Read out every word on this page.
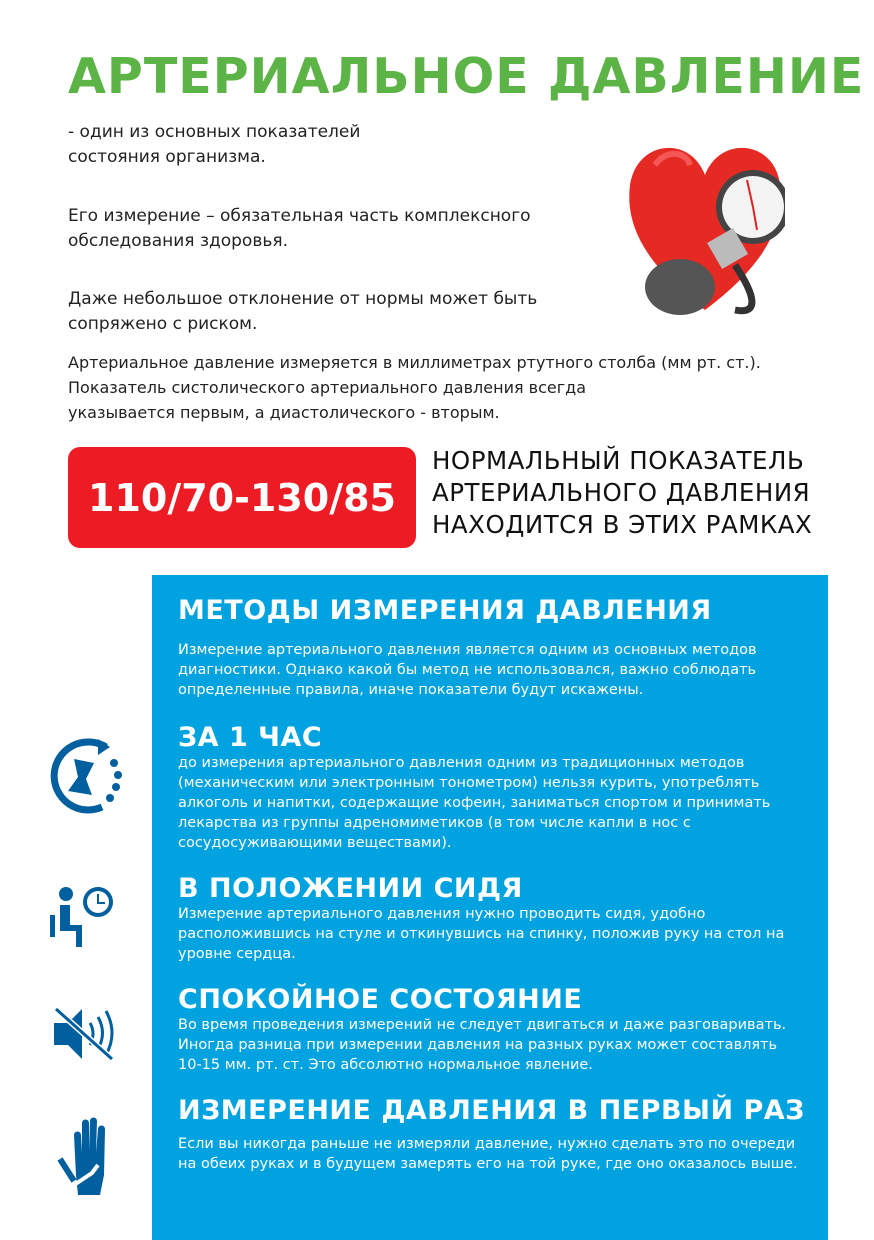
АРТЕРИАЛЬНОЕ ДАВЛЕНИЕ
- один из основных показателей
состояния организма.
Его измерение – обязательная часть комплексного
обследования здоровья.
Даже небольшое отклонение от нормы может быть
сопряжено с риском.
Артериальное давление измеряется в миллиметрах ртутного столба (мм рт. ст.).
Показатель систолического артериального давления всегда
указывается первым, а диастолического - вторым.
110/70-130/85
НОРМАЛЬНЫЙ ПОКАЗАТЕЛЬ
АРТЕРИАЛЬНОГО ДАВЛЕНИЯ
НАХОДИТСЯ В ЭТИХ РАМКАХ
МЕТОДЫ ИЗМЕРЕНИЯ ДАВЛЕНИЯ
Измерение артериального давления является одним из основных методов диагностики. Однако какой бы метод не использовался, важно соблюдать определенные правила, иначе показатели будут искажены.
ЗА 1 ЧАС
до измерения артериального давления одним из традиционных методов (механическим или электронным тонометром) нельзя курить, употреблять алкоголь и напитки, содержащие кофеин, заниматься спортом и принимать лекарства из группы адреномиметиков (в том числе капли в нос с сосудосуживающими веществами).
В ПОЛОЖЕНИИ СИДЯ
Измерение артериального давления нужно проводить сидя, удобно расположившись на стуле и откинувшись на спинку, положив руку на стол на уровне сердца.
СПОКОЙНОЕ СОСТОЯНИЕ
Во время проведения измерений не следует двигаться и даже разговаривать. Иногда разница при измерении давления на разных руках может составлять 10-15 мм. рт. ст. Это абсолютно нормальное явление.
ИЗМЕРЕНИЕ ДАВЛЕНИЯ В ПЕРВЫЙ РАЗ
Если вы никогда раньше не измеряли давление, нужно сделать это по очереди на обеих руках и в будущем замерять его на той руке, где оно оказалось выше.
